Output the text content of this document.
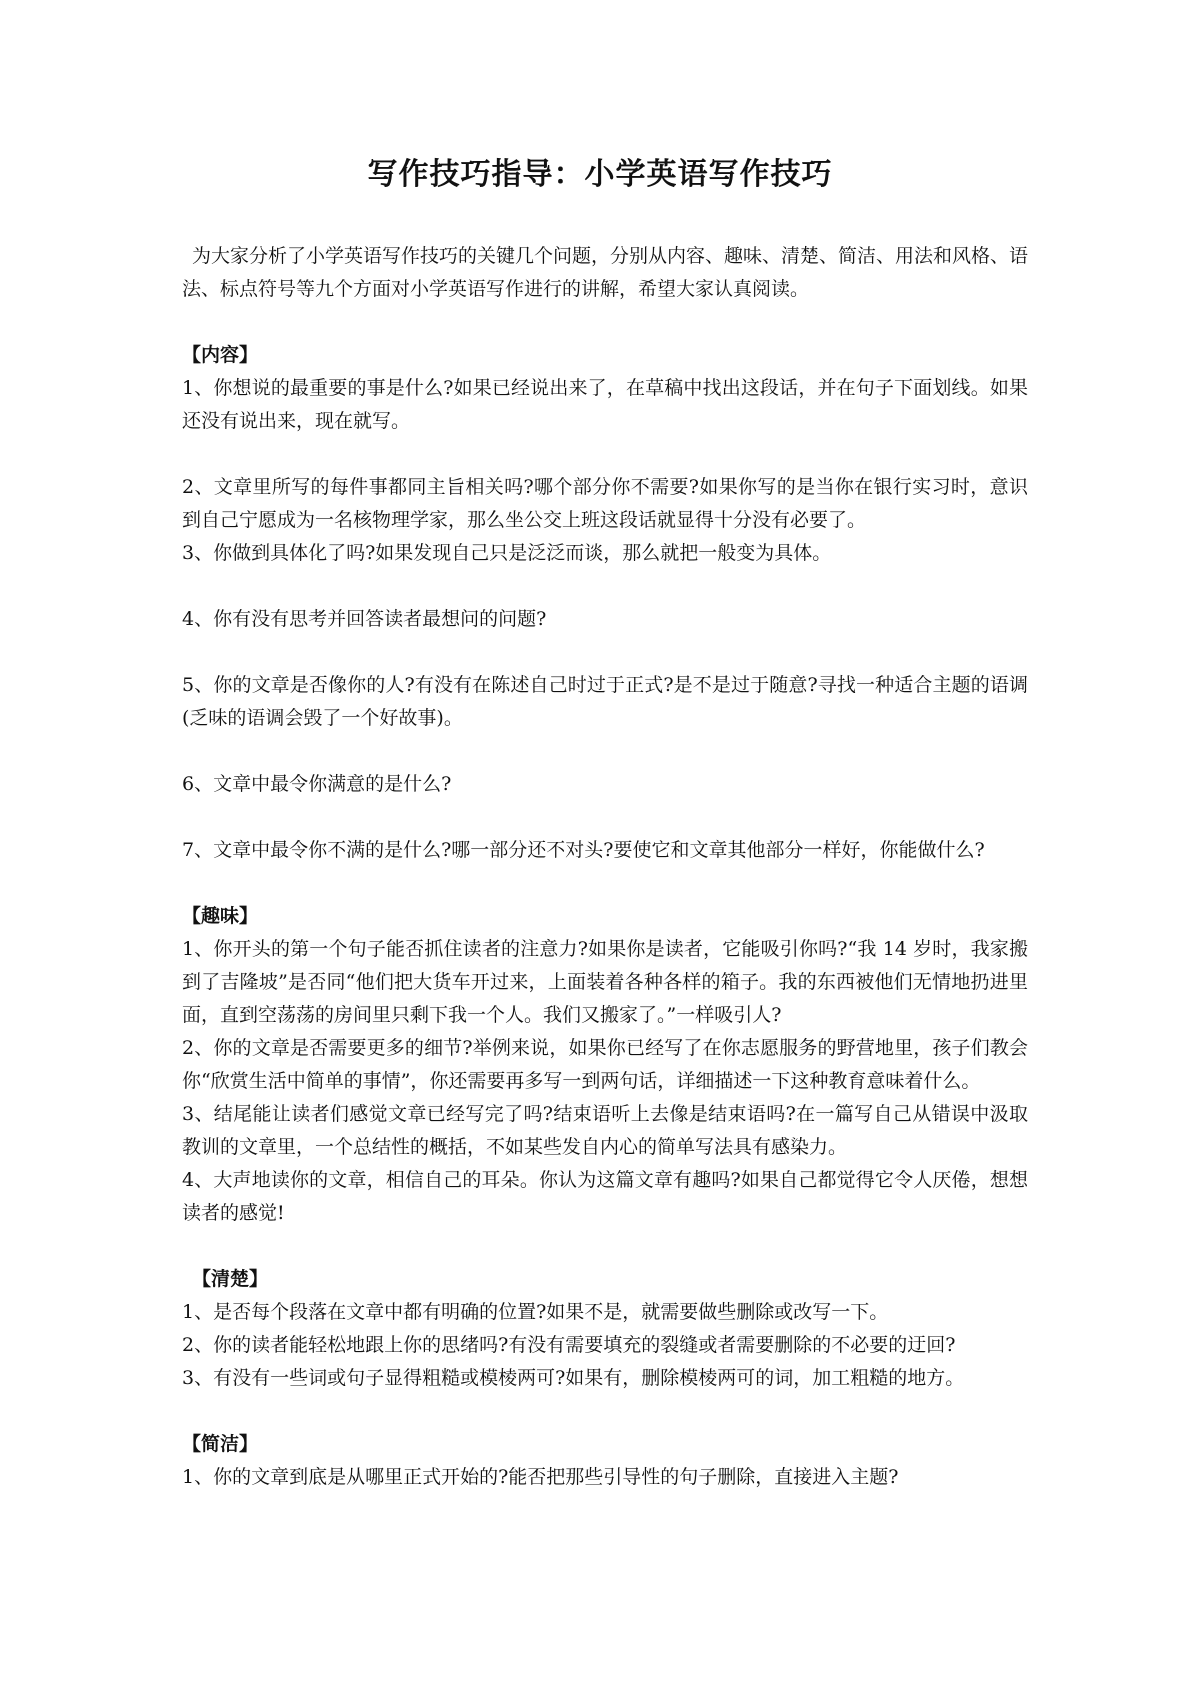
写作技巧指导：小学英语写作技巧

为大家分析了小学英语写作技巧的关键几个问题，分别从内容、趣味、清楚、简洁、用法和风格、语法、标点符号等九个方面对小学英语写作进行的讲解，希望大家认真阅读。

【内容】

1、你想说的最重要的事是什么?如果已经说出来了，在草稿中找出这段话，并在句子下面划线。如果还没有说出来，现在就写。

2、文章里所写的每件事都同主旨相关吗?哪个部分你不需要?如果你写的是当你在银行实习时，意识到自己宁愿成为一名核物理学家，那么坐公交上班这段话就显得十分没有必要了。

3、你做到具体化了吗?如果发现自己只是泛泛而谈，那么就把一般变为具体。

4、你有没有思考并回答读者最想问的问题?

5、你的文章是否像你的人?有没有在陈述自己时过于正式?是不是过于随意?寻找一种适合主题的语调(乏味的语调会毁了一个好故事)。

6、文章中最令你满意的是什么?

7、文章中最令你不满的是什么?哪一部分还不对头?要使它和文章其他部分一样好，你能做什么?

【趣味】

1、你开头的第一个句子能否抓住读者的注意力?如果你是读者，它能吸引你吗?“我 14 岁时，我家搬到了吉隆坡”是否同“他们把大货车开过来，上面装着各种各样的箱子。我的东西被他们无情地扔进里面，直到空荡荡的房间里只剩下我一个人。我们又搬家了。”一样吸引人?

2、你的文章是否需要更多的细节?举例来说，如果你已经写了在你志愿服务的野营地里，孩子们教会你“欣赏生活中简单的事情”，你还需要再多写一到两句话，详细描述一下这种教育意味着什么。

3、结尾能让读者们感觉文章已经写完了吗?结束语听上去像是结束语吗?在一篇写自己从错误中汲取教训的文章里，一个总结性的概括，不如某些发自内心的简单写法具有感染力。

4、大声地读你的文章，相信自己的耳朵。你认为这篇文章有趣吗?如果自己都觉得它令人厌倦，想想读者的感觉!

【清楚】

1、是否每个段落在文章中都有明确的位置?如果不是，就需要做些删除或改写一下。

2、你的读者能轻松地跟上你的思绪吗?有没有需要填充的裂缝或者需要删除的不必要的迂回?

3、有没有一些词或句子显得粗糙或模棱两可?如果有，删除模棱两可的词，加工粗糙的地方。

【简洁】

1、你的文章到底是从哪里正式开始的?能否把那些引导性的句子删除，直接进入主题?
